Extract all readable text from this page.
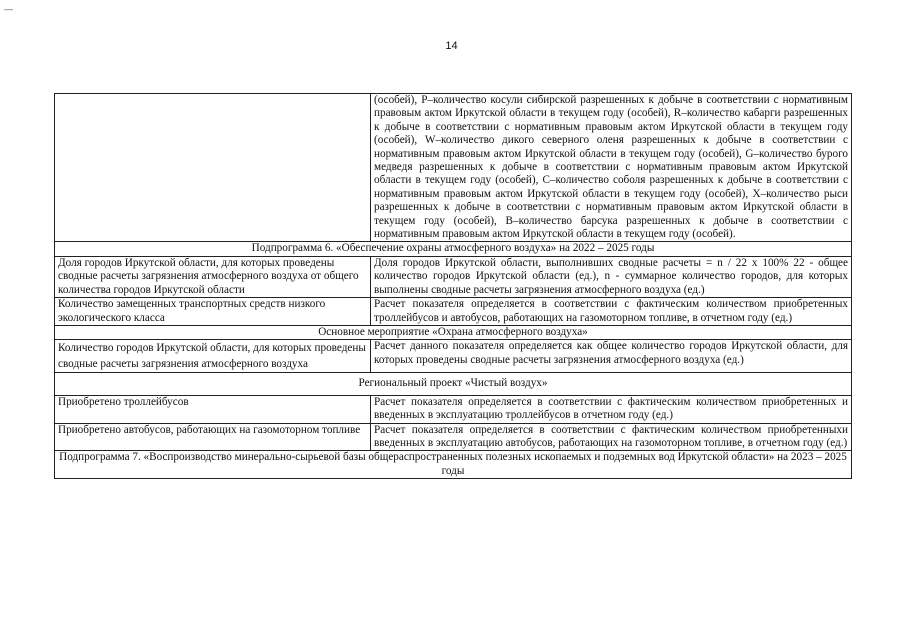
—
14
	(особей), P–количество косули сибирской разрешенных к добыче в соответствии с нормативным правовым актом Иркутской области в текущем году (особей), R–количество кабарги разрешенных к добыче в соответствии с нормативным правовым актом Иркутской области в текущем году (особей), W–количество дикого северного оленя разрешенных к добыче в соответствии с нормативным правовым актом Иркутской области в текущем году (особей), G–количество бурого медведя разрешенных к добыче в соответствии с нормативным правовым актом Иркутской области в текущем году (особей), C–количество соболя разрешенных к добыче в соответствии с нормативным правовым актом Иркутской области в текущем году (особей), X–количество рыси разрешенных к добыче в соответствии с нормативным правовым актом Иркутской области в текущем году (особей), B–количество барсука разрешенных к добыче в соответствии с нормативным правовым актом Иркутской области в текущем году (особей).
Подпрограмма 6. «Обеспечение охраны атмосферного воздуха» на 2022 – 2025 годы	
Доля городов Иркутской области, для которых проведены сводные расчеты загрязнения атмосферного воздуха от общего количества городов Иркутской области	Доля городов Иркутской области, выполнивших сводные расчеты = n / 22 x 100% 22 - общее количество городов Иркутской области (ед.), n - суммарное количество городов, для которых выполнены сводные расчеты загрязнения атмосферного воздуха (ед.)
Количество замещенных транспортных средств низкого экологического класса	Расчет показателя определяется в соответствии с фактическим количеством приобретенных троллейбусов и автобусов, работающих на газомоторном топливе, в отчетном году (ед.)
Основное мероприятие «Охрана атмосферного воздуха»	
Количество городов Иркутской области, для которых проведены сводные расчеты загрязнения атмосферного воздуха	Расчет данного показателя определяется как общее количество городов Иркутской области, для которых проведены сводные расчеты загрязнения атмосферного воздуха (ед.)
Региональный проект «Чистый воздух»	
Приобретено троллейбусов	Расчет показателя определяется в соответствии с фактическим количеством приобретенных и введенных в эксплуатацию троллейбусов в отчетном году (ед.)
Приобретено автобусов, работающих на газомоторном топливе	Расчет показателя определяется в соответствии с фактическим количеством приобретенныхи введенных в эксплуатацию автобусов, работающих на газомоторном топливе, в отчетном году (ед.)
Подпрограмма 7. «Воспроизводство минерально-сырьевой базы общераспространенных полезных ископаемых и подземных вод Иркутской области» на 2023 – 2025 годы	
